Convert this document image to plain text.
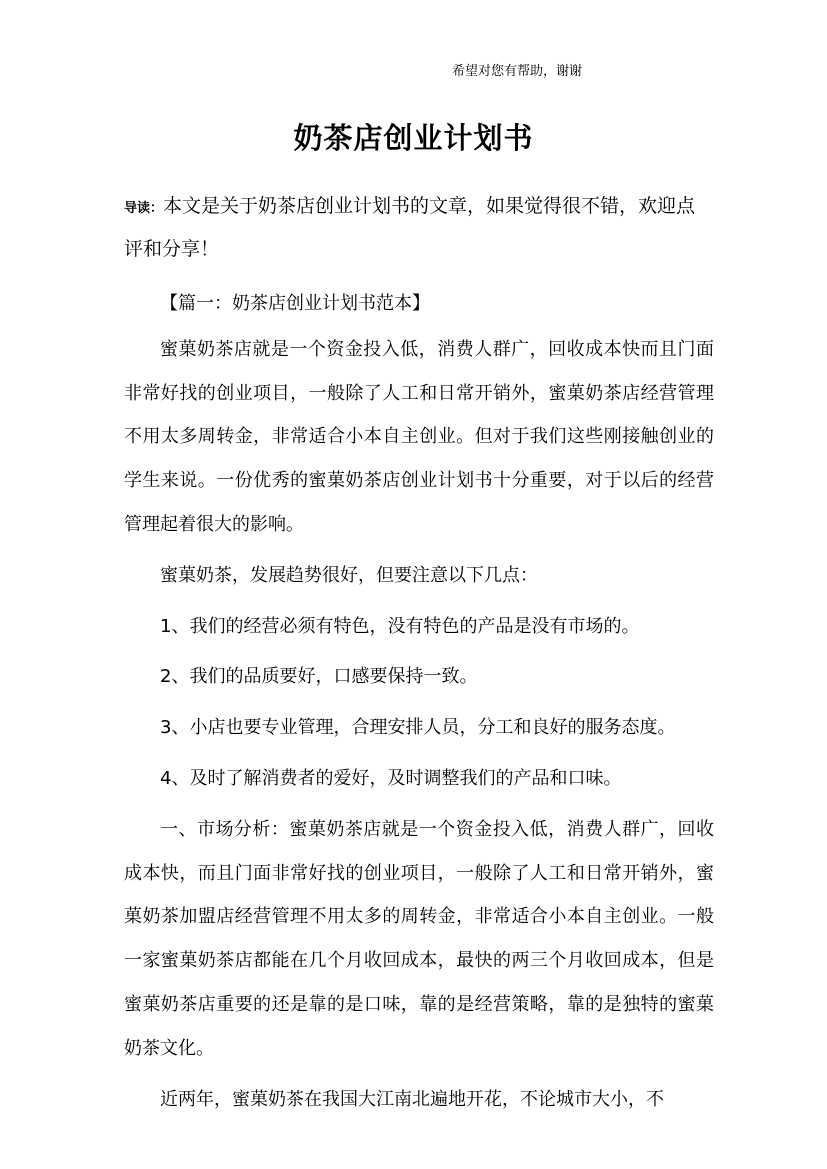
希望对您有帮助，谢谢
奶茶店创业计划书

导读：本文是关于奶茶店创业计划书的文章，如果觉得很不错，欢迎点评和分享！

【篇一：奶茶店创业计划书范本】

蜜菓奶茶店就是一个资金投入低，消费人群广，回收成本快而且门面非常好找的创业项目，一般除了人工和日常开销外，蜜菓奶茶店经营管理不用太多周转金，非常适合小本自主创业。但对于我们这些刚接触创业的学生来说。一份优秀的蜜菓奶茶店创业计划书十分重要，对于以后的经营管理起着很大的影响。

蜜菓奶茶，发展趋势很好，但要注意以下几点：

1、我们的经营必须有特色，没有特色的产品是没有市场的。

2、我们的品质要好，口感要保持一致。

3、小店也要专业管理，合理安排人员，分工和良好的服务态度。

4、及时了解消费者的爱好，及时调整我们的产品和口味。

一、市场分析：蜜菓奶茶店就是一个资金投入低，消费人群广，回收成本快，而且门面非常好找的创业项目，一般除了人工和日常开销外，蜜菓奶茶加盟店经营管理不用太多的周转金，非常适合小本自主创业。一般一家蜜菓奶茶店都能在几个月收回成本，最快的两三个月收回成本，但是蜜菓奶茶店重要的还是靠的是口味，靠的是经营策略，靠的是独特的蜜菓奶茶文化。

近两年，蜜菓奶茶在我国大江南北遍地开花，不论城市大小，不
